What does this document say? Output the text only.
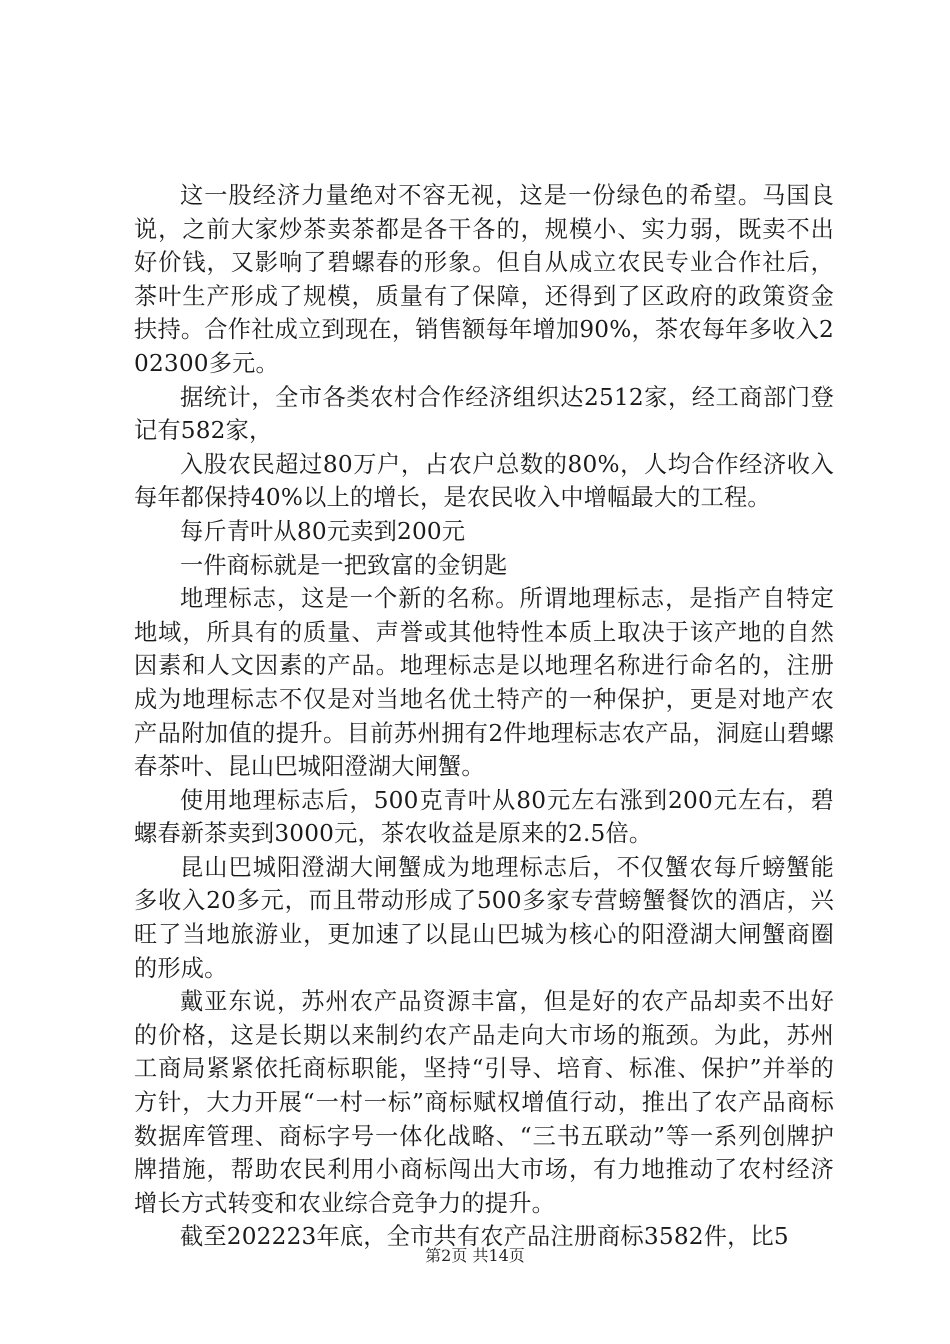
这一股经济力量绝对不容无视，这是一份绿色的希望。马国良说，之前大家炒茶卖茶都是各干各的，规模小、实力弱，既卖不出好价钱，又影响了碧螺春的形象。但自从成立农民专业合作社后，茶叶生产形成了规模，质量有了保障，还得到了区政府的政策资金扶持。合作社成立到现在，销售额每年增加90%，茶农每年多收入202300多元。

据统计，全市各类农村合作经济组织达2512家，经工商部门登记有582家，

入股农民超过80万户，占农户总数的80%，人均合作经济收入每年都保持40%以上的增长，是农民收入中增幅最大的工程。

每斤青叶从80元卖到200元

一件商标就是一把致富的金钥匙

地理标志，这是一个新的名称。所谓地理标志，是指产自特定地域，所具有的质量、声誉或其他特性本质上取决于该产地的自然因素和人文因素的产品。地理标志是以地理名称进行命名的，注册成为地理标志不仅是对当地名优土特产的一种保护，更是对地产农产品附加值的提升。目前苏州拥有2件地理标志农产品，洞庭山碧螺春茶叶、昆山巴城阳澄湖大闸蟹。

使用地理标志后，500克青叶从80元左右涨到200元左右，碧螺春新茶卖到3000元，茶农收益是原来的2.5倍。

昆山巴城阳澄湖大闸蟹成为地理标志后，不仅蟹农每斤螃蟹能多收入20多元，而且带动形成了500多家专营螃蟹餐饮的酒店，兴旺了当地旅游业，更加速了以昆山巴城为核心的阳澄湖大闸蟹商圈的形成。

戴亚东说，苏州农产品资源丰富，但是好的农产品却卖不出好的价格，这是长期以来制约农产品走向大市场的瓶颈。为此，苏州工商局紧紧依托商标职能，坚持“引导、培育、标准、保护”并举的方针，大力开展“一村一标”商标赋权增值行动，推出了农产品商标数据库管理、商标字号一体化战略、“三书五联动”等一系列创牌护牌措施，帮助农民利用小商标闯出大市场，有力地推动了农村经济增长方式转变和农业综合竞争力的提升。

截至202223年底，全市共有农产品注册商标3582件，比5

第2页 共14页
